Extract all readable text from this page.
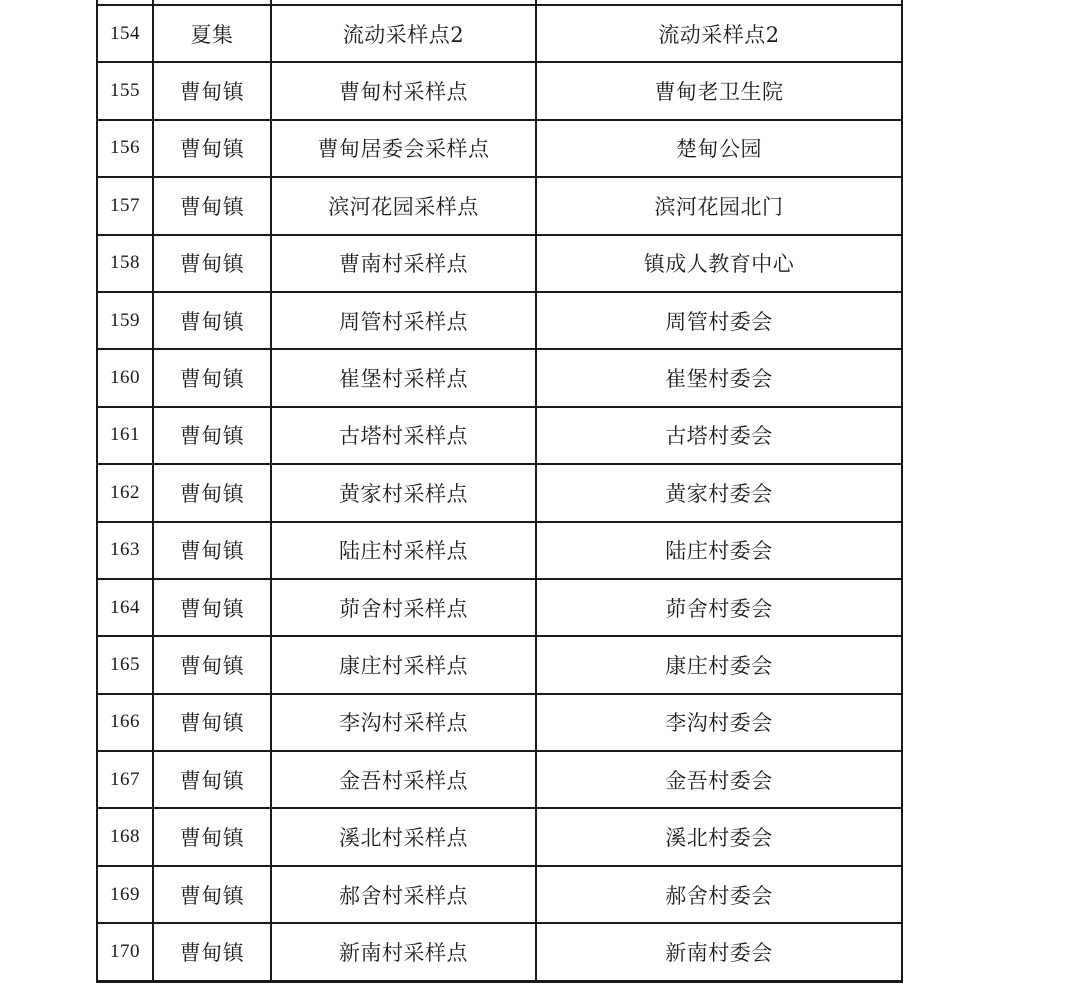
154	夏集	流动采样点2	流动采样点2
155	曹甸镇	曹甸村采样点	曹甸老卫生院
156	曹甸镇	曹甸居委会采样点	楚甸公园
157	曹甸镇	滨河花园采样点	滨河花园北门
158	曹甸镇	曹南村采样点	镇成人教育中心
159	曹甸镇	周管村采样点	周管村委会
160	曹甸镇	崔堡村采样点	崔堡村委会
161	曹甸镇	古塔村采样点	古塔村委会
162	曹甸镇	黄家村采样点	黄家村委会
163	曹甸镇	陆庄村采样点	陆庄村委会
164	曹甸镇	茆舍村采样点	茆舍村委会
165	曹甸镇	康庄村采样点	康庄村委会
166	曹甸镇	李沟村采样点	李沟村委会
167	曹甸镇	金吾村采样点	金吾村委会
168	曹甸镇	溪北村采样点	溪北村委会
169	曹甸镇	郝舍村采样点	郝舍村委会
170	曹甸镇	新南村采样点	新南村委会
